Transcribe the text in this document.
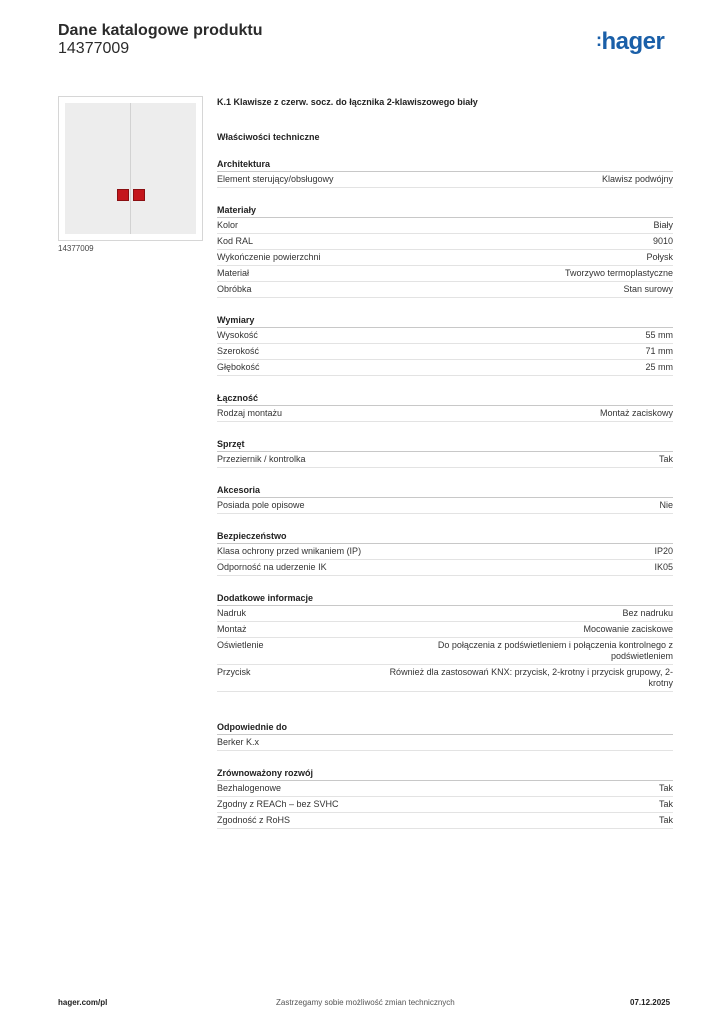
Dane katalogowe produktu
14377009	:hager
14377009
K.1 Klawisze z czerw. socz. do łącznika 2-klawiszowego biały
Właściwości techniczne
Architektura
Element sterujący/obsługowy	Klawisz podwójny
Materiały
Kolor	Biały
Kod RAL	9010
Wykończenie powierzchni	Połysk
Materiał	Tworzywo termoplastyczne
Obróbka	Stan surowy
Wymiary
Wysokość	55 mm
Szerokość	71 mm
Głębokość	25 mm
Łączność
Rodzaj montażu	Montaż zaciskowy
Sprzęt
Przeziernik / kontrolka	Tak
Akcesoria
Posiada pole opisowe	Nie
Bezpieczeństwo
Klasa ochrony przed wnikaniem (IP)	IP20
Odporność na uderzenie IK	IK05
Dodatkowe informacje
Nadruk	Bez nadruku
Montaż	Mocowanie zaciskowe
Oświetlenie	Do połączenia z podświetleniem i połączenia kontrolnego z podświetleniem
Przycisk	Również dla zastosowań KNX: przycisk, 2-krotny i przycisk grupowy, 2-krotny
Odpowiednie do
Berker K.x
Zrównoważony rozwój
Bezhalogenowe	Tak
Zgodny z REACh – bez SVHC	Tak
Zgodność z RoHS	Tak
hager.com/pl	Zastrzegamy sobie możliwość zmian technicznych	07.12.2025
